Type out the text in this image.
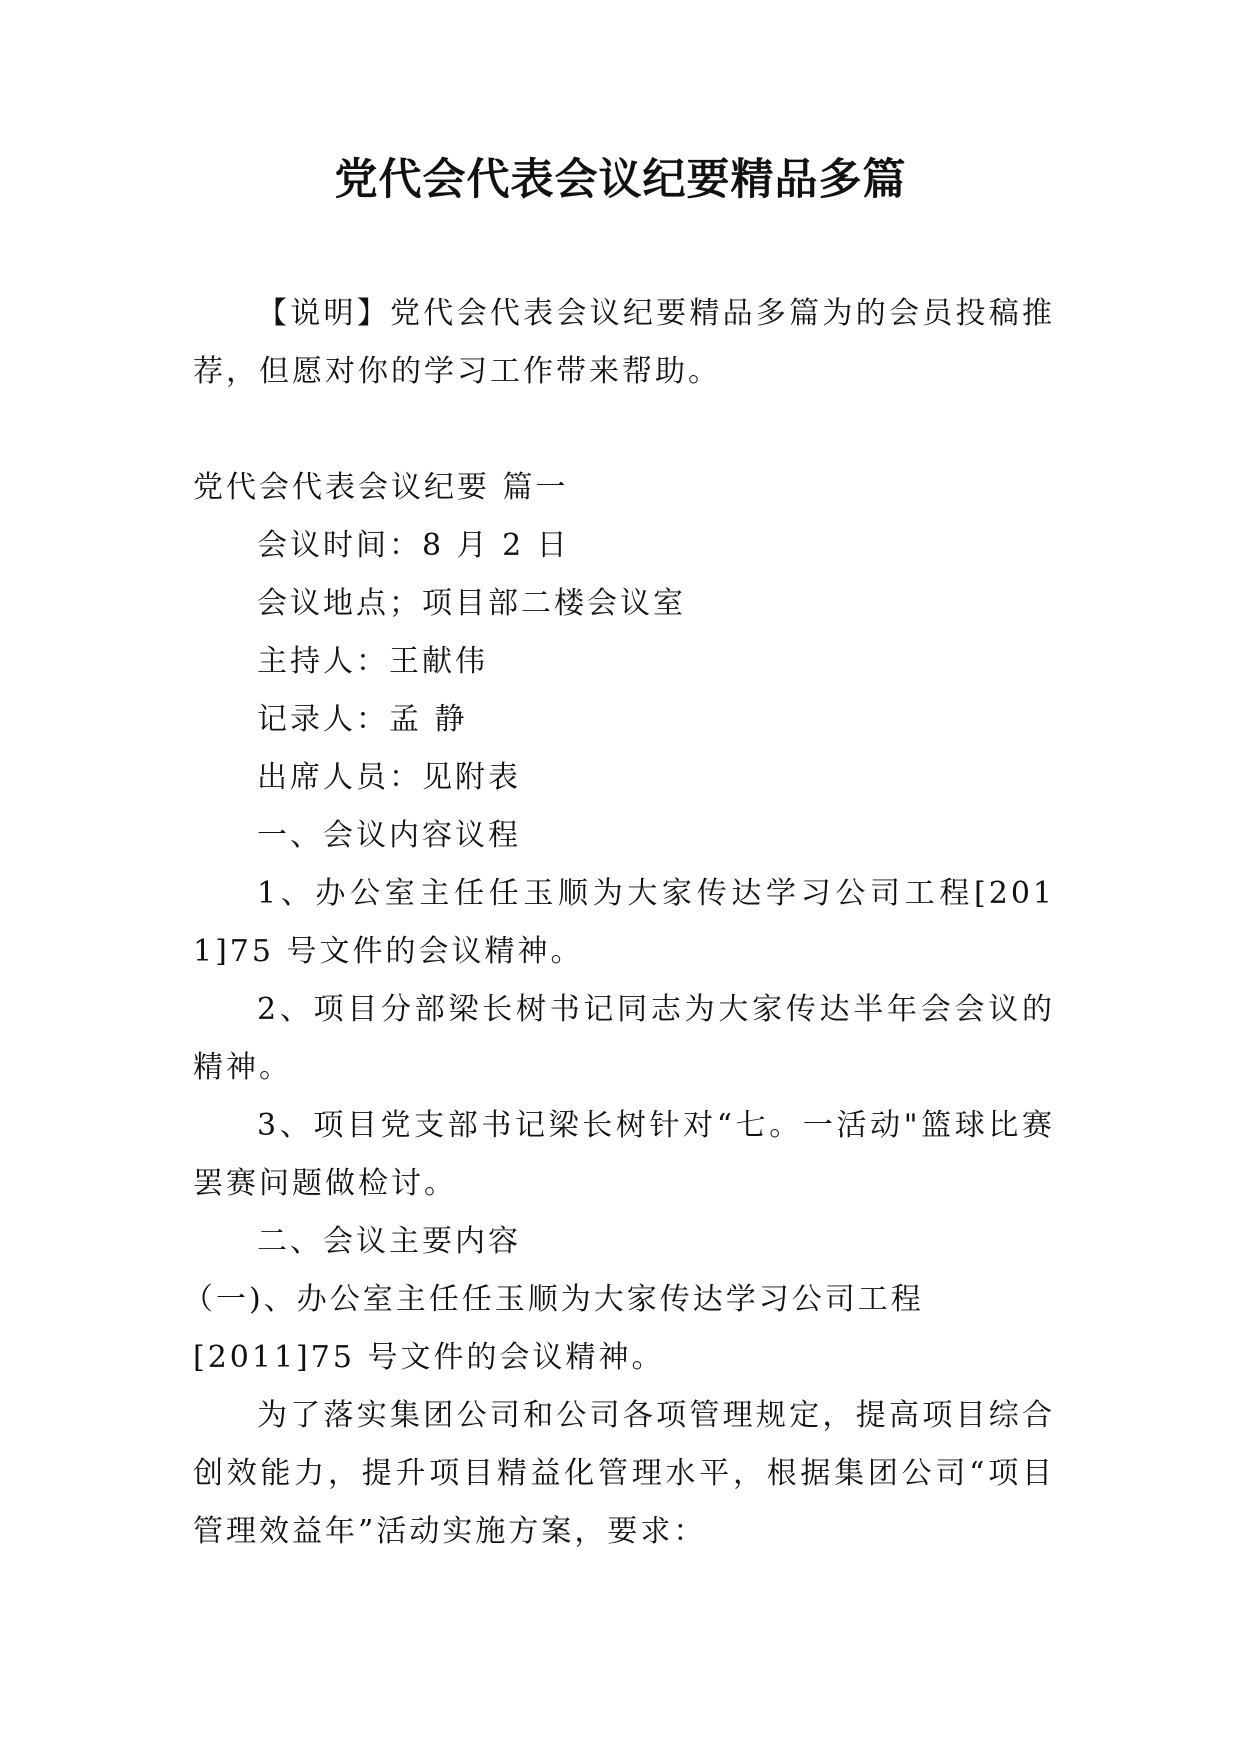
党代会代表会议纪要精品多篇

【说明】党代会代表会议纪要精品多篇为的会员投稿推荐，但愿对你的学习工作带来帮助。

党代会代表会议纪要 篇一

会议时间：8 月 2 日

会议地点；项目部二楼会议室

主持人：王献伟

记录人：孟 静

出席人员：见附表

一、会议内容议程

1、办公室主任任玉顺为大家传达学习公司工程[2011]75 号文件的会议精神。

2、项目分部梁长树书记同志为大家传达半年会会议的精神。

3、项目党支部书记梁长树针对“七。一活动"篮球比赛罢赛问题做检讨。

二、会议主要内容

（一)、办公室主任任玉顺为大家传达学习公司工程

[2011]75 号文件的会议精神。

为了落实集团公司和公司各项管理规定，提高项目综合创效能力，提升项目精益化管理水平，根据集团公司“项目管理效益年”活动实施方案，要求：
